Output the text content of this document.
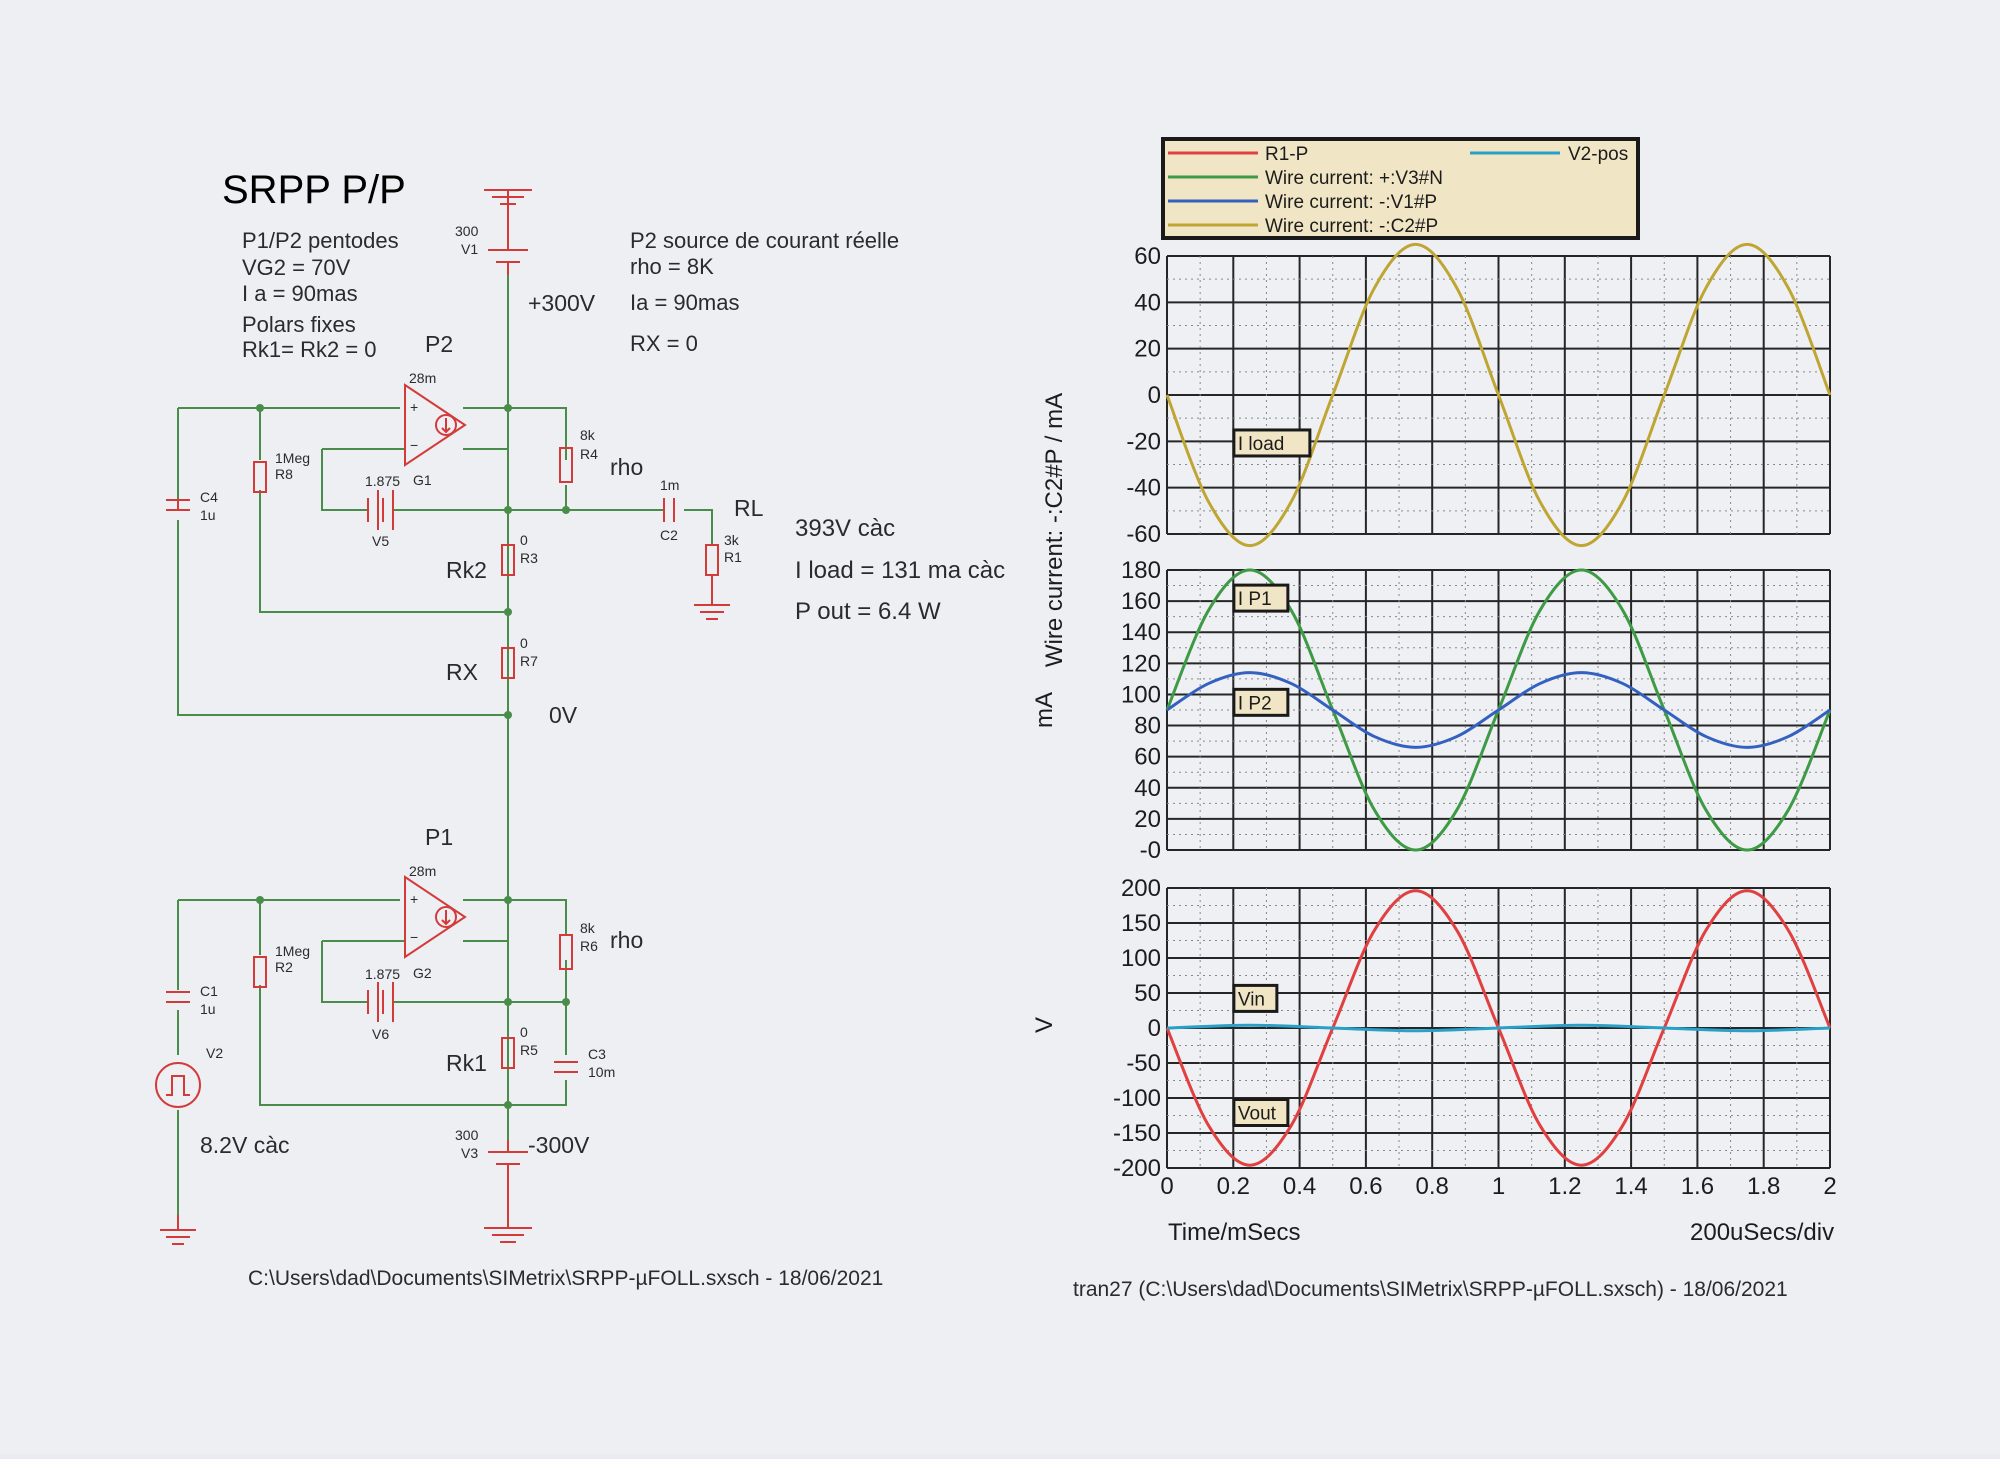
SRPP P/P
P1/P2 pentodes
VG2 = 70V
I a = 90mas
Polars fixes
Rk1= Rk2 = 0
P2 source de courant réelle
rho = 8K
Ia = 90mas
RX = 0
393V càc
I load = 131 ma càc
P out = 6.4 W
P2
P1
+300V
-300V
0V
rho
rho
RL
Rk2
RX
Rk1
8.2V càc
300
V1
300
V3
+
−
28m
G1
+
−
28m
G2
1.875
V5
1.875
V6
1Meg
R8
8k
R4
0
R3
0
R7
3k
R1
1Meg
R2
8k
R6
0
R5
C4
1u
1m
C2
C1
1u
C3
10m
V2
C:\Users\dad\Documents\SIMetrix\SRPP-µFOLL.sxsch - 18/06/2021
R1-P	V2-pos
Wire current: +:V3#N
Wire current: -:V1#P
Wire current: -:C2#P
60
40
20
0
-20
-40
-60
I load
180
160
140
120
100
80
60
40
20
-0
I P1
I P2
200
150
100
50
0
-50
-100
-150
-200
Vin
Vout
0 0.2 0.4 0.6 0.8 1 1.2 1.4 1.6 1.8 2
Wire current: -:C2#P / mA
mA
V
Time/mSecs	200uSecs/div
tran27 (C:\Users\dad\Documents\SIMetrix\SRPP-µFOLL.sxsch) - 18/06/2021
